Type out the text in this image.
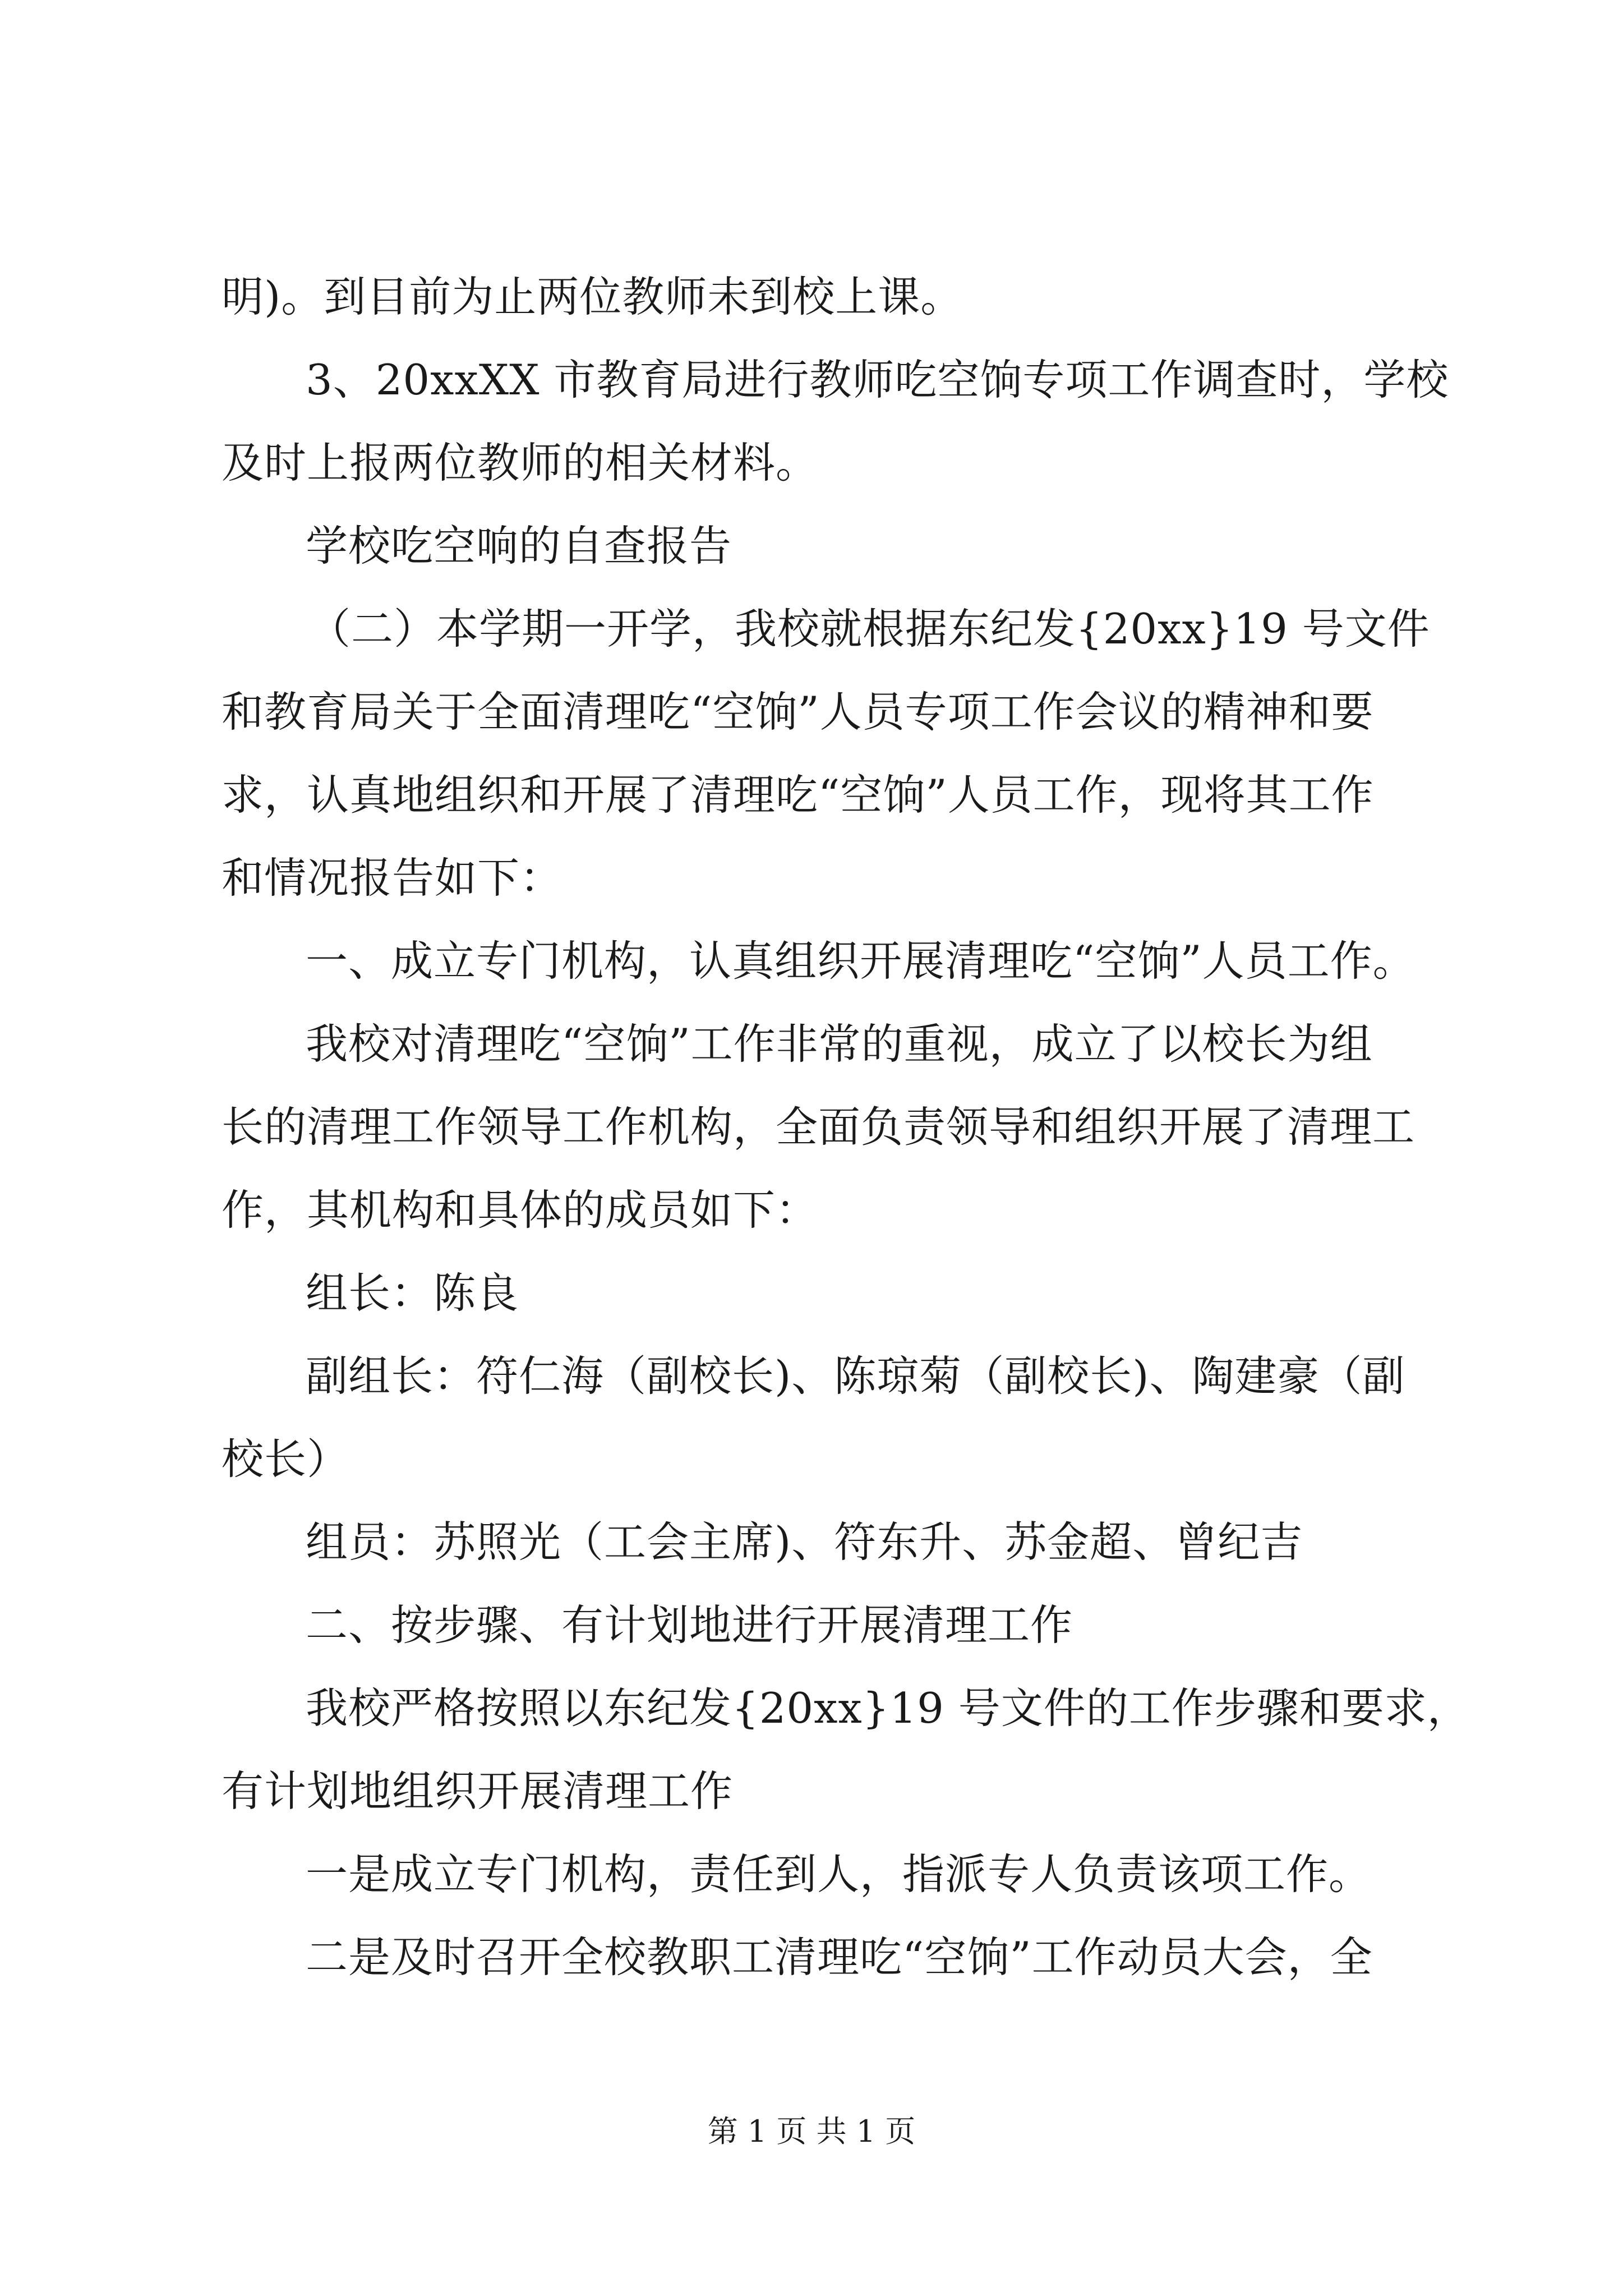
明)。到目前为止两位教师未到校上课。
3、20xxXX 市教育局进行教师吃空饷专项工作调查时，学校
及时上报两位教师的相关材料。
学校吃空响的自查报告
（二）本学期一开学，我校就根据东纪发{20xx}19 号文件
和教育局关于全面清理吃“空饷”人员专项工作会议的精神和要
求，认真地组织和开展了清理吃“空饷”人员工作，现将其工作
和情况报告如下：
一、成立专门机构，认真组织开展清理吃“空饷”人员工作。
我校对清理吃“空饷”工作非常的重视，成立了以校长为组
长的清理工作领导工作机构，全面负责领导和组织开展了清理工
作，其机构和具体的成员如下：
组长：陈良
副组长：符仁海（副校长)、陈琼菊（副校长)、陶建豪（副
校长）
组员：苏照光（工会主席)、符东升、苏金超、曾纪吉
二、按步骤、有计划地进行开展清理工作
我校严格按照以东纪发{20xx}19 号文件的工作步骤和要求，
有计划地组织开展清理工作
一是成立专门机构，责任到人，指派专人负责该项工作。
二是及时召开全校教职工清理吃“空饷”工作动员大会，全
第 1 页 共 1 页
